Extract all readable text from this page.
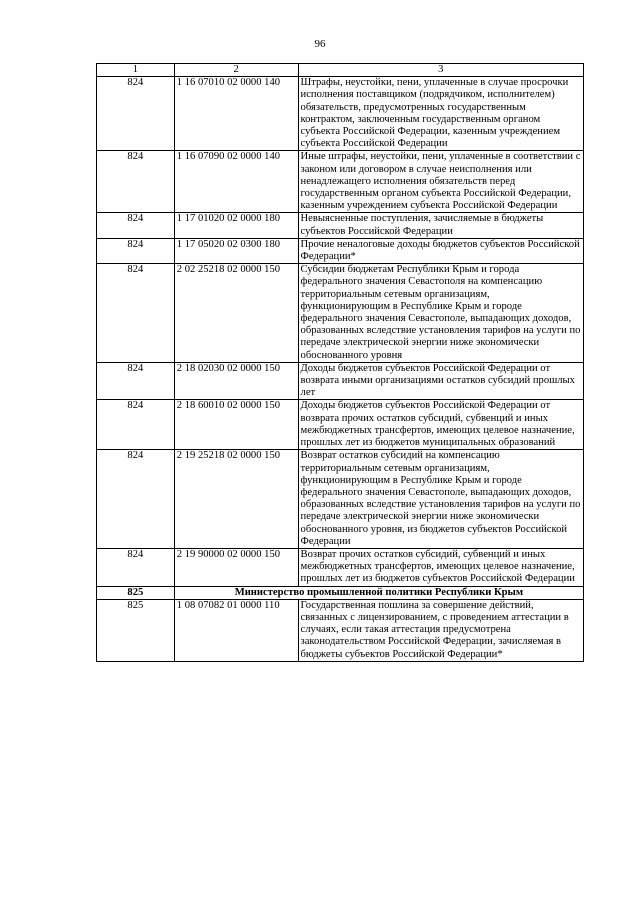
96
1	2	3
824	1 16 07010 02 0000 140	Штрафы, неустойки, пени, уплаченные в случае просрочки исполнения поставщиком (подрядчиком, исполнителем) обязательств, предусмотренных государственным контрактом, заключенным государственным органом субъекта Российской Федерации, казенным учреждением субъекта Российской Федерации
824	1 16 07090 02 0000 140	Иные штрафы, неустойки, пени, уплаченные в соответствии с законом или договором в случае неисполнения или ненадлежащего исполнения обязательств перед государственным органом субъекта Российской Федерации, казенным учреждением субъекта Российской Федерации
824	1 17 01020 02 0000 180	Невыясненные поступления, зачисляемые в бюджеты субъектов Российской Федерации
824	1 17 05020 02 0300 180	Прочие неналоговые доходы бюджетов субъектов Российской Федерации*
824	2 02 25218 02 0000 150	Субсидии бюджетам Республики Крым и города федерального значения Севастополя на компенсацию территориальным сетевым организациям, функционирующим в Республике Крым и городе федерального значения Севастополе, выпадающих доходов, образованных вследствие установления тарифов на услуги по передаче электрической энергии ниже экономически обоснованного уровня
824	2 18 02030 02 0000 150	Доходы бюджетов субъектов Российской Федерации от возврата иными организациями остатков субсидий прошлых лет
824	2 18 60010 02 0000 150	Доходы бюджетов субъектов Российской Федерации от возврата прочих остатков субсидий, субвенций и иных межбюджетных трансфертов, имеющих целевое назначение, прошлых лет из бюджетов муниципальных образований
824	2 19 25218 02 0000 150	Возврат остатков субсидий на компенсацию территориальным сетевым организациям, функционирующим в Республике Крым и городе федерального значения Севастополе, выпадающих доходов, образованных вследствие установления тарифов на услуги по передаче электрической энергии ниже экономически обоснованного уровня, из бюджетов субъектов Российской Федерации
824	2 19 90000 02 0000 150	Возврат прочих остатков субсидий, субвенций и иных межбюджетных трансфертов, имеющих целевое назначение, прошлых лет из бюджетов субъектов Российской Федерации
825	Министерство промышленной политики Республики Крым	
825	1 08 07082 01 0000 110	Государственная пошлина за совершение действий, связанных с лицензированием, с проведением аттестации в случаях, если такая аттестация предусмотрена законодательством Российской Федерации, зачисляемая в бюджеты субъектов Российской Федерации*
